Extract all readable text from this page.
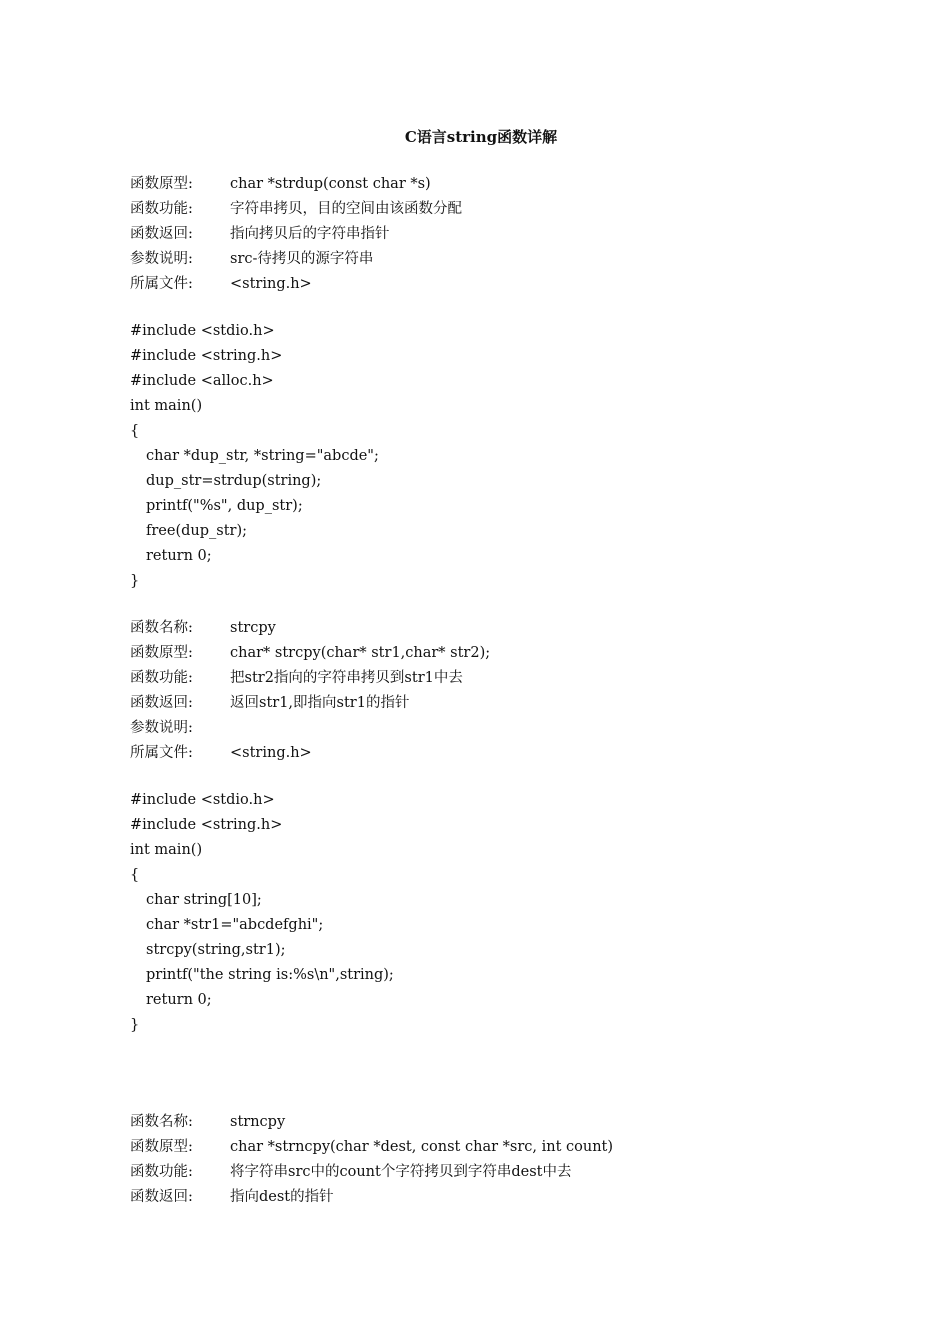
C语言string函数详解
函数原型:	char *strdup(const char *s)
函数功能:	字符串拷贝，目的空间由该函数分配
函数返回:	指向拷贝后的字符串指针
参数说明:	src-待拷贝的源字符串
所属文件:	<string.h>
#include <stdio.h>
#include <string.h>
#include <alloc.h>
int main()
{
char *dup_str, *string="abcde";
dup_str=strdup(string);
printf("%s", dup_str);
free(dup_str);
return 0;
}
函数名称:	strcpy
函数原型:	char* strcpy(char* str1,char* str2);
函数功能:	把str2指向的字符串拷贝到str1中去
函数返回:	返回str1,即指向str1的指针
参数说明:
所属文件:	<string.h>
#include <stdio.h>
#include <string.h>
int main()
{
char string[10];
char *str1="abcdefghi";
strcpy(string,str1);
printf("the string is:%s\n",string);
return 0;
}
函数名称:	strncpy
函数原型:	char *strncpy(char *dest, const char *src, int count)
函数功能:	将字符串src中的count个字符拷贝到字符串dest中去
函数返回:	指向dest的指针
